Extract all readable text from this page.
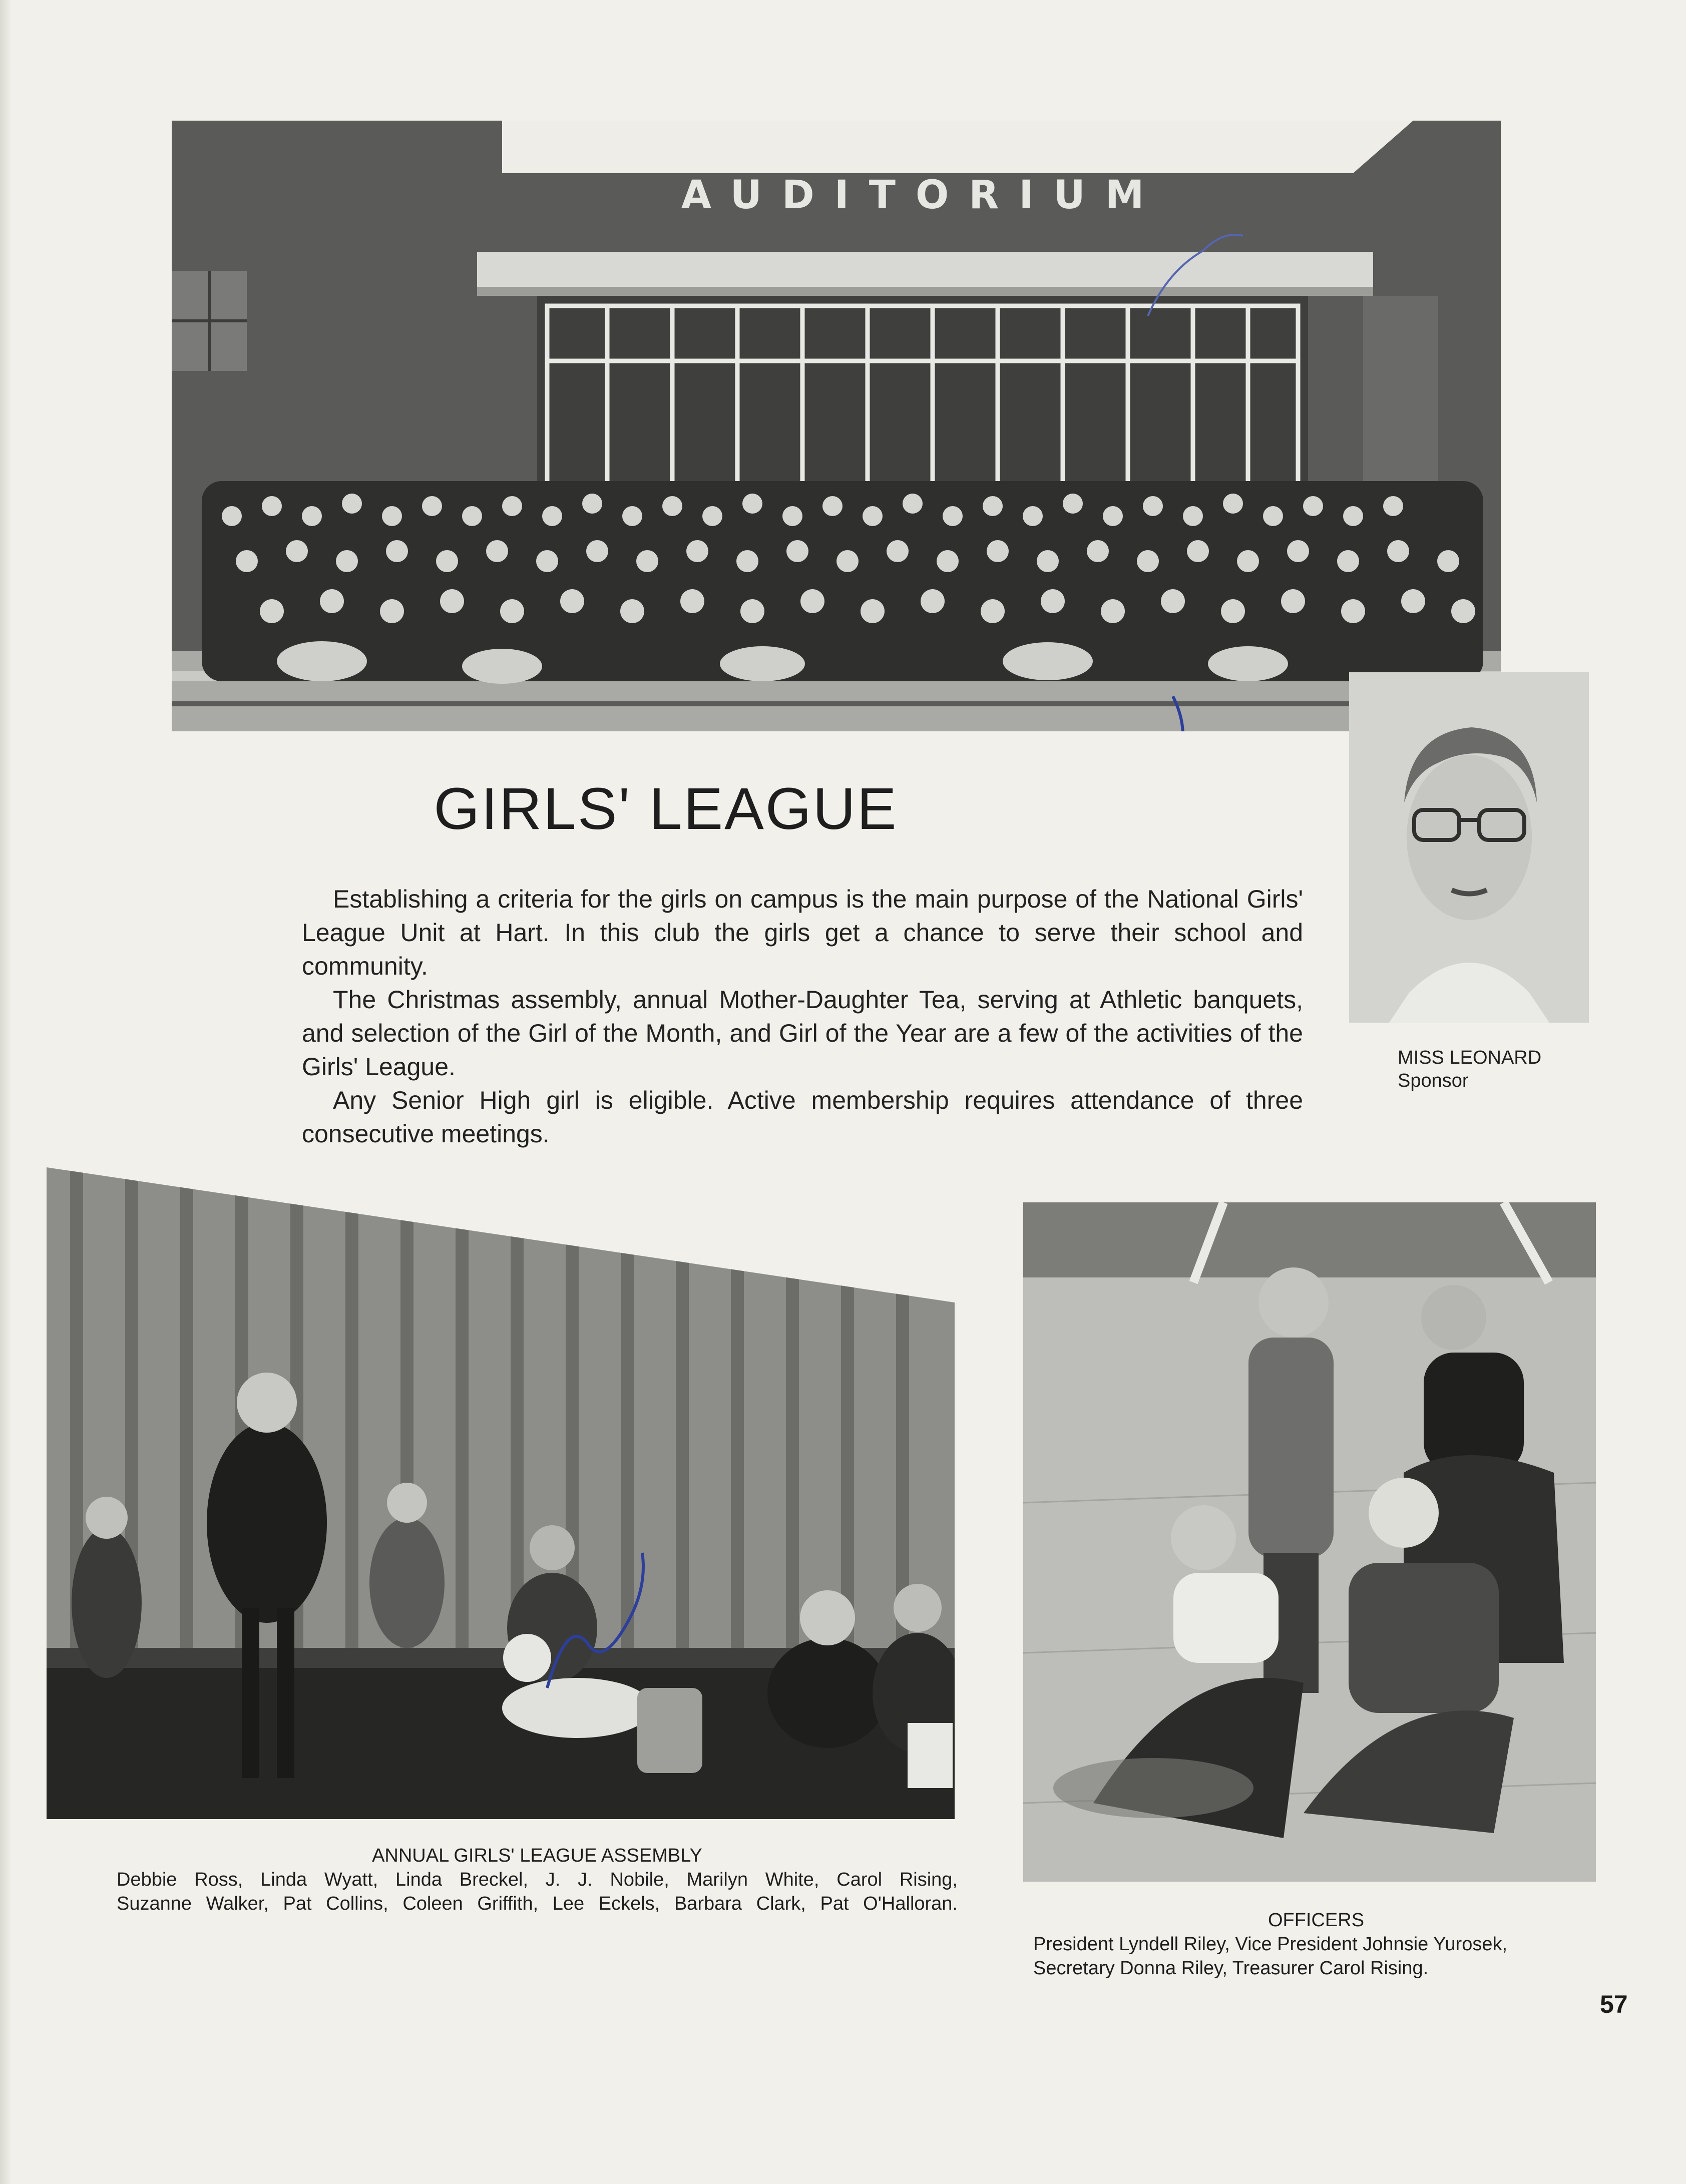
AUDITORIUM
GIRLS' LEAGUE

Establishing a criteria for the girls on campus is the main purpose of the National Girls' League Unit at Hart. In this club the girls get a chance to serve their school and community.

The Christmas assembly, annual Mother-Daughter Tea, serving at Athletic banquets, and selection of the Girl of the Month, and Girl of the Year are a few of the activities of the Girls' League.

Any Senior High girl is eligible. Active membership requires attendance of three consecutive meetings.

MISS LEONARD
Sponsor
ANNUAL GIRLS' LEAGUE ASSEMBLY
Debbie Ross, Linda Wyatt, Linda Breckel, J. J. Nobile, Marilyn White, Carol Rising,
Suzanne Walker, Pat Collins, Coleen Griffith, Lee Eckels, Barbara Clark, Pat O'Halloran.
OFFICERS
President Lyndell Riley, Vice President Johnsie Yurosek,
Secretary Donna Riley, Treasurer Carol Rising.
57
